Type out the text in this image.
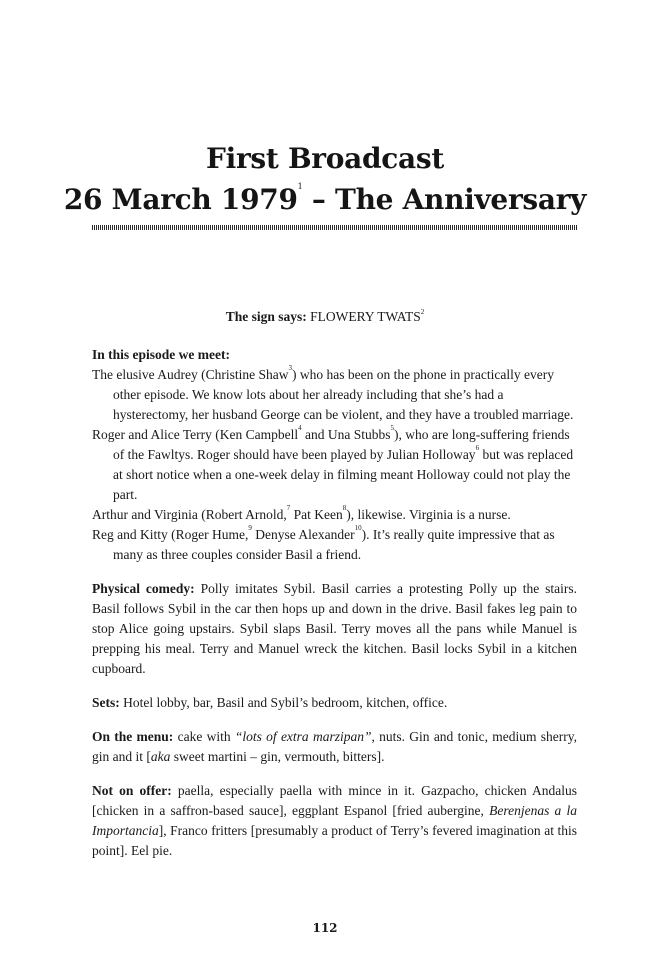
First Broadcast
26 March 1979$^1$ – The Anniversary
The sign says: FLOWERY TWATS$^2$

In this episode we meet:

The elusive Audrey (Christine Shaw$^3$) who has been on the phone in practically every other episode. We know lots about her already including that she’s had a hysterectomy, her husband George can be violent, and they have a troubled marriage.
Roger and Alice Terry (Ken Campbell$^4$ and Una Stubbs$^5$), who are long-suffering friends of the Fawltys. Roger should have been played by Julian Holloway$^6$ but was replaced at short notice when a one-week delay in filming meant Holloway could not play the part.
Arthur and Virginia (Robert Arnold,$^7$ Pat Keen$^8$), likewise. Virginia is a nurse.
Reg and Kitty (Roger Hume,$^9$ Denyse Alexander$^{10}$). It’s really quite impressive that as many as three couples consider Basil a friend.

Physical comedy: Polly imitates Sybil. Basil carries a protesting Polly up the stairs. Basil follows Sybil in the car then hops up and down in the drive. Basil fakes leg pain to stop Alice going upstairs. Sybil slaps Basil. Terry moves all the pans while Manuel is prepping his meal. Terry and Manuel wreck the kitchen. Basil locks Sybil in a kitchen cupboard.

Sets: Hotel lobby, bar, Basil and Sybil’s bedroom, kitchen, office.

On the menu: cake with “lots of extra marzipan”, nuts. Gin and tonic, medium sherry, gin and it [aka sweet martini – gin, vermouth, bitters].

Not on offer: paella, especially paella with mince in it. Gazpacho, chicken Andalus [chicken in a saffron-based sauce], eggplant Espanol [fried aubergine, Berenjenas a la Importancia], Franco fritters [presumably a product of Terry’s fevered imagination at this point]. Eel pie.

112
